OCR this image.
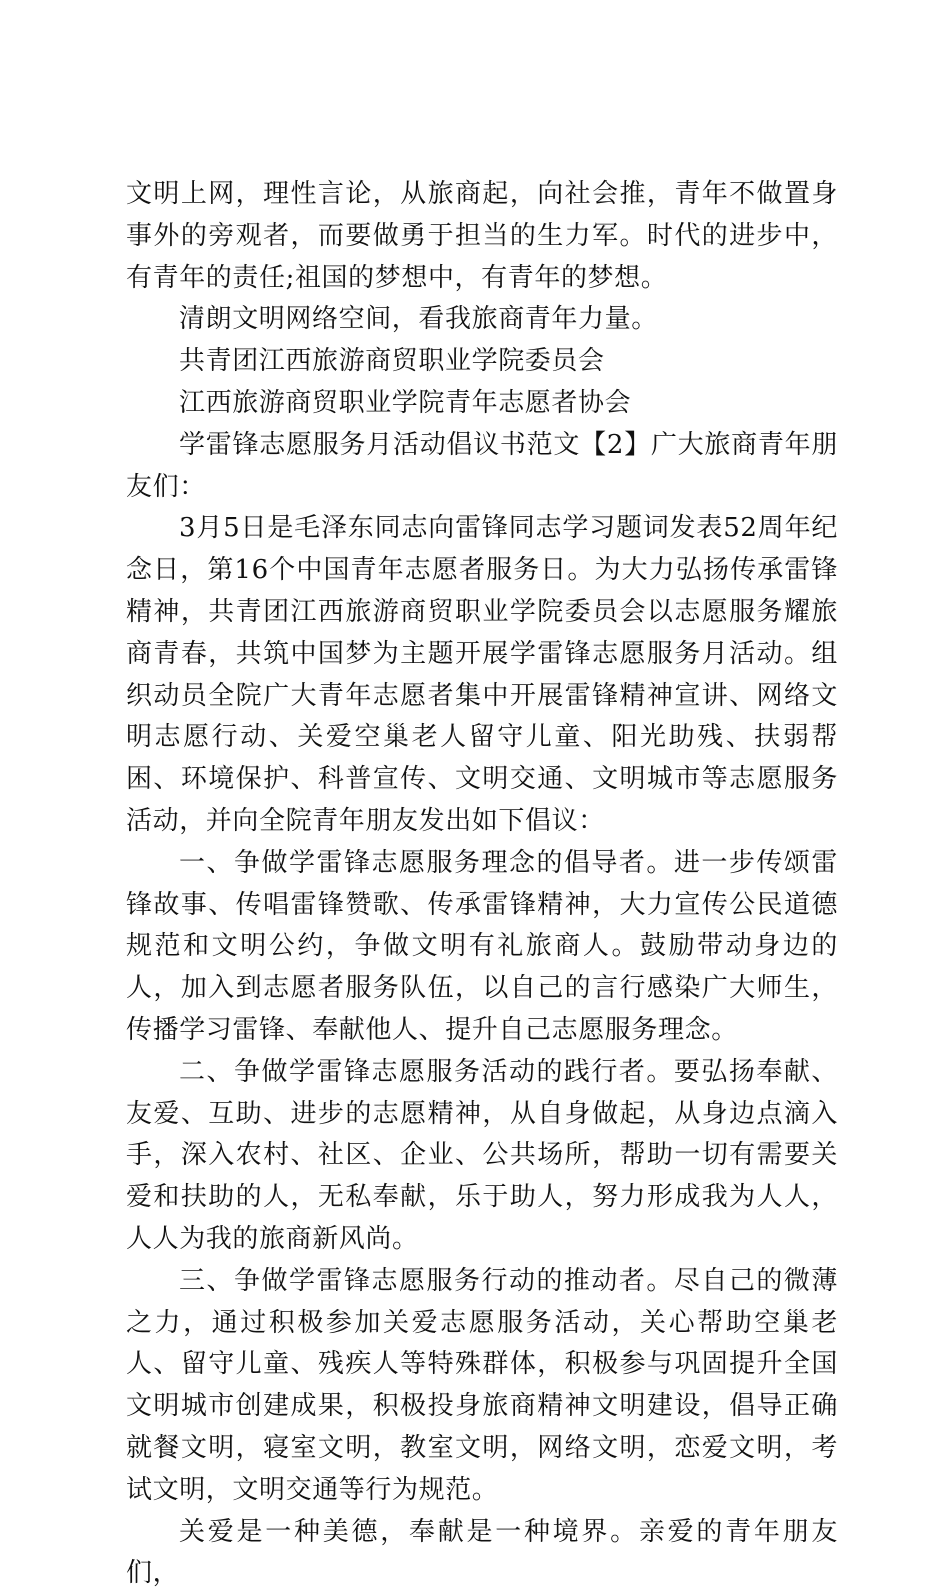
文明上网，理性言论，从旅商起，向社会推，青年不做置身事外的旁观者，而要做勇于担当的生力军。时代的进步中，有青年的责任;祖国的梦想中，有青年的梦想。

清朗文明网络空间，看我旅商青年力量。

共青团江西旅游商贸职业学院委员会

江西旅游商贸职业学院青年志愿者协会

学雷锋志愿服务月活动倡议书范文【2】广大旅商青年朋友们：

3月5日是毛泽东同志向雷锋同志学习题词发表52周年纪念日，第16个中国青年志愿者服务日。为大力弘扬传承雷锋精神，共青团江西旅游商贸职业学院委员会以志愿服务耀旅商青春，共筑中国梦为主题开展学雷锋志愿服务月活动。组织动员全院广大青年志愿者集中开展雷锋精神宣讲、网络文明志愿行动、关爱空巢老人留守儿童、阳光助残、扶弱帮困、环境保护、科普宣传、文明交通、文明城市等志愿服务活动，并向全院青年朋友发出如下倡议：

一、争做学雷锋志愿服务理念的倡导者。进一步传颂雷锋故事、传唱雷锋赞歌、传承雷锋精神，大力宣传公民道德规范和文明公约，争做文明有礼旅商人。鼓励带动身边的人，加入到志愿者服务队伍，以自己的言行感染广大师生，传播学习雷锋、奉献他人、提升自己志愿服务理念。

二、争做学雷锋志愿服务活动的践行者。要弘扬奉献、友爱、互助、进步的志愿精神，从自身做起，从身边点滴入手，深入农村、社区、企业、公共场所，帮助一切有需要关爱和扶助的人，无私奉献，乐于助人，努力形成我为人人，人人为我的旅商新风尚。

三、争做学雷锋志愿服务行动的推动者。尽自己的微薄之力，通过积极参加关爱志愿服务活动，关心帮助空巢老人、留守儿童、残疾人等特殊群体，积极参与巩固提升全国文明城市创建成果，积极投身旅商精神文明建设，倡导正确就餐文明，寝室文明，教室文明，网络文明，恋爱文明，考试文明，文明交通等行为规范。

关爱是一种美德，奉献是一种境界。亲爱的青年朋友们，
